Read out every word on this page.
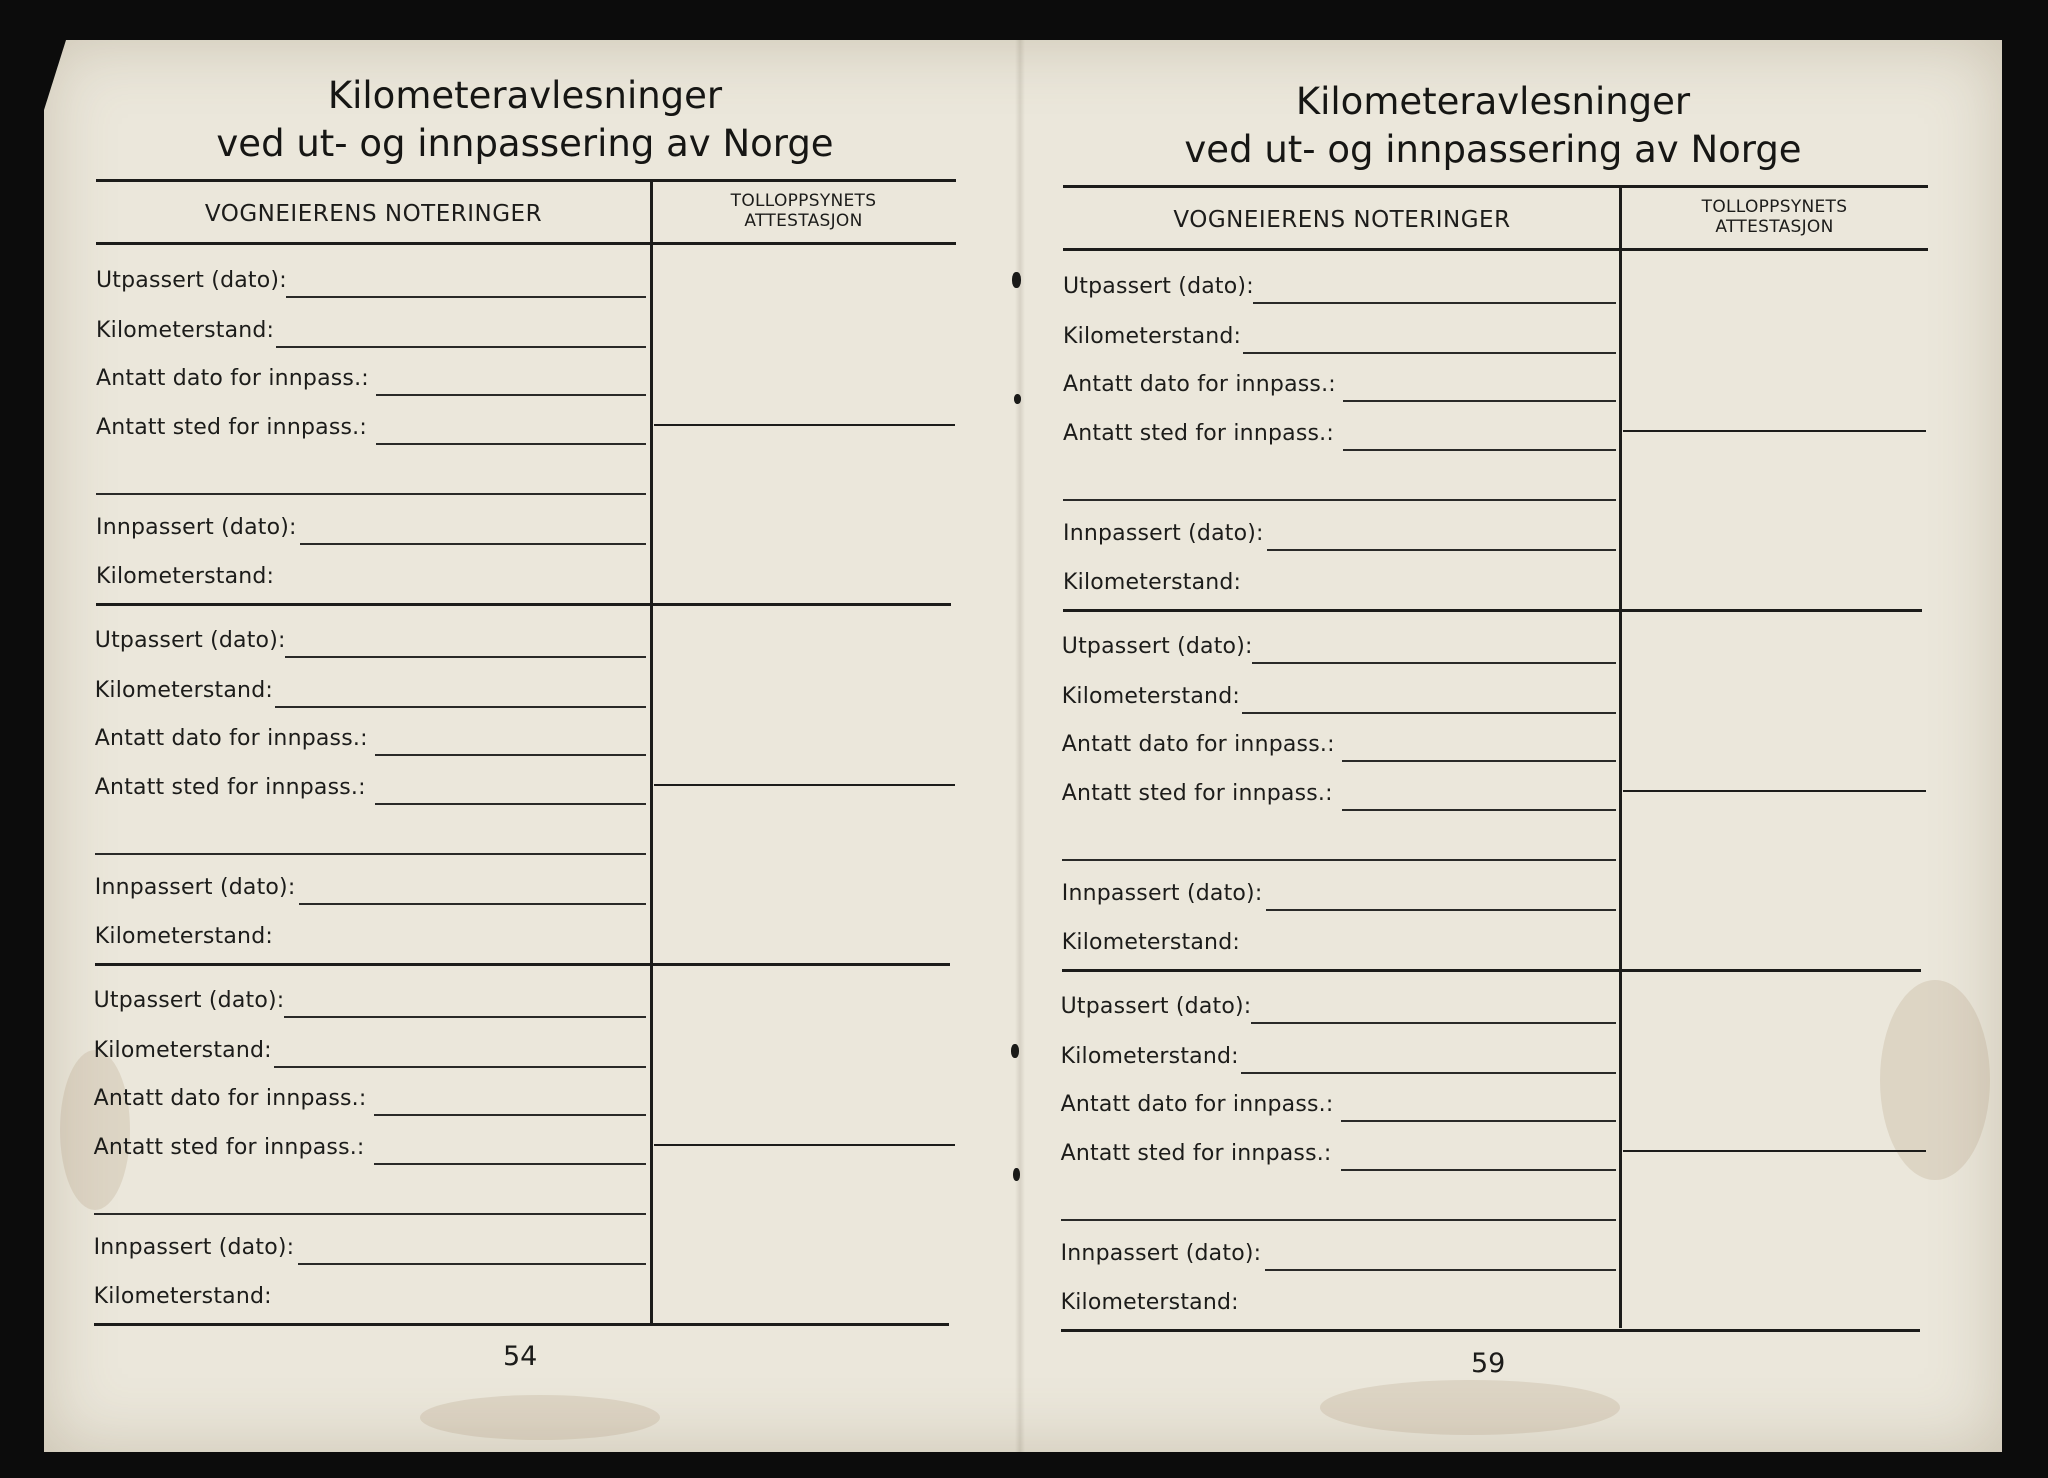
Kilometeravlesninger
ved ut- og innpassering av Norge
VOGNEIERENS NOTERINGER	TOLLOPPSYNETS
ATTESTASJON
Utpassert (dato):
Kilometerstand:
Antatt dato for innpass.:
Antatt sted for innpass.:
Innpassert (dato):
Kilometerstand:
Utpassert (dato):
Kilometerstand:
Antatt dato for innpass.:
Antatt sted for innpass.:
Innpassert (dato):
Kilometerstand:
Utpassert (dato):
Kilometerstand:
Antatt dato for innpass.:
Antatt sted for innpass.:
Innpassert (dato):
Kilometerstand:
54
Kilometeravlesninger
ved ut- og innpassering av Norge
VOGNEIERENS NOTERINGER	TOLLOPPSYNETS
ATTESTASJON
Utpassert (dato):
Kilometerstand:
Antatt dato for innpass.:
Antatt sted for innpass.:
Innpassert (dato):
Kilometerstand:
Utpassert (dato):
Kilometerstand:
Antatt dato for innpass.:
Antatt sted for innpass.:
Innpassert (dato):
Kilometerstand:
Utpassert (dato):
Kilometerstand:
Antatt dato for innpass.:
Antatt sted for innpass.:
Innpassert (dato):
Kilometerstand:
59
